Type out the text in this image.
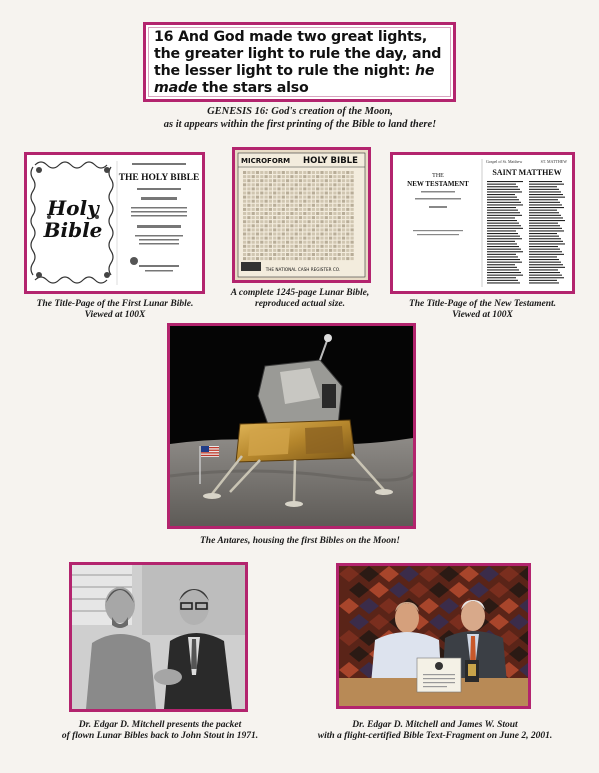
16 And God made two great lights,
the greater light to rule the day, and
the lesser light to rule the night: he
made the stars also
GENESIS 16: God's creation of the Moon,
as it appears within the first printing of the Bible to land there!
Holy
Bible
THE HOLY BIBLE
MICROFORM HOLY BIBLE
THE NATIONAL CASH REGISTER CO.
THE
NEW TESTAMENT
Gospel of St. Matthew	ST. MATTHEW
SAINT MATTHEW
The Title-Page of the First Lunar Bible.
Viewed at 100X
A complete 1245-page Lunar Bible,
reproduced actual size.	The Title-Page of the New Testament.
Viewed at 100X
The Antares, housing the first Bibles on the Moon!
Dr. Edgar D. Mitchell presents the packet
of flown Lunar Bibles back to John Stout in 1971.
Dr. Edgar D. Mitchell and James W. Stout
with a flight-certified Bible Text-Fragment on June 2, 2001.
